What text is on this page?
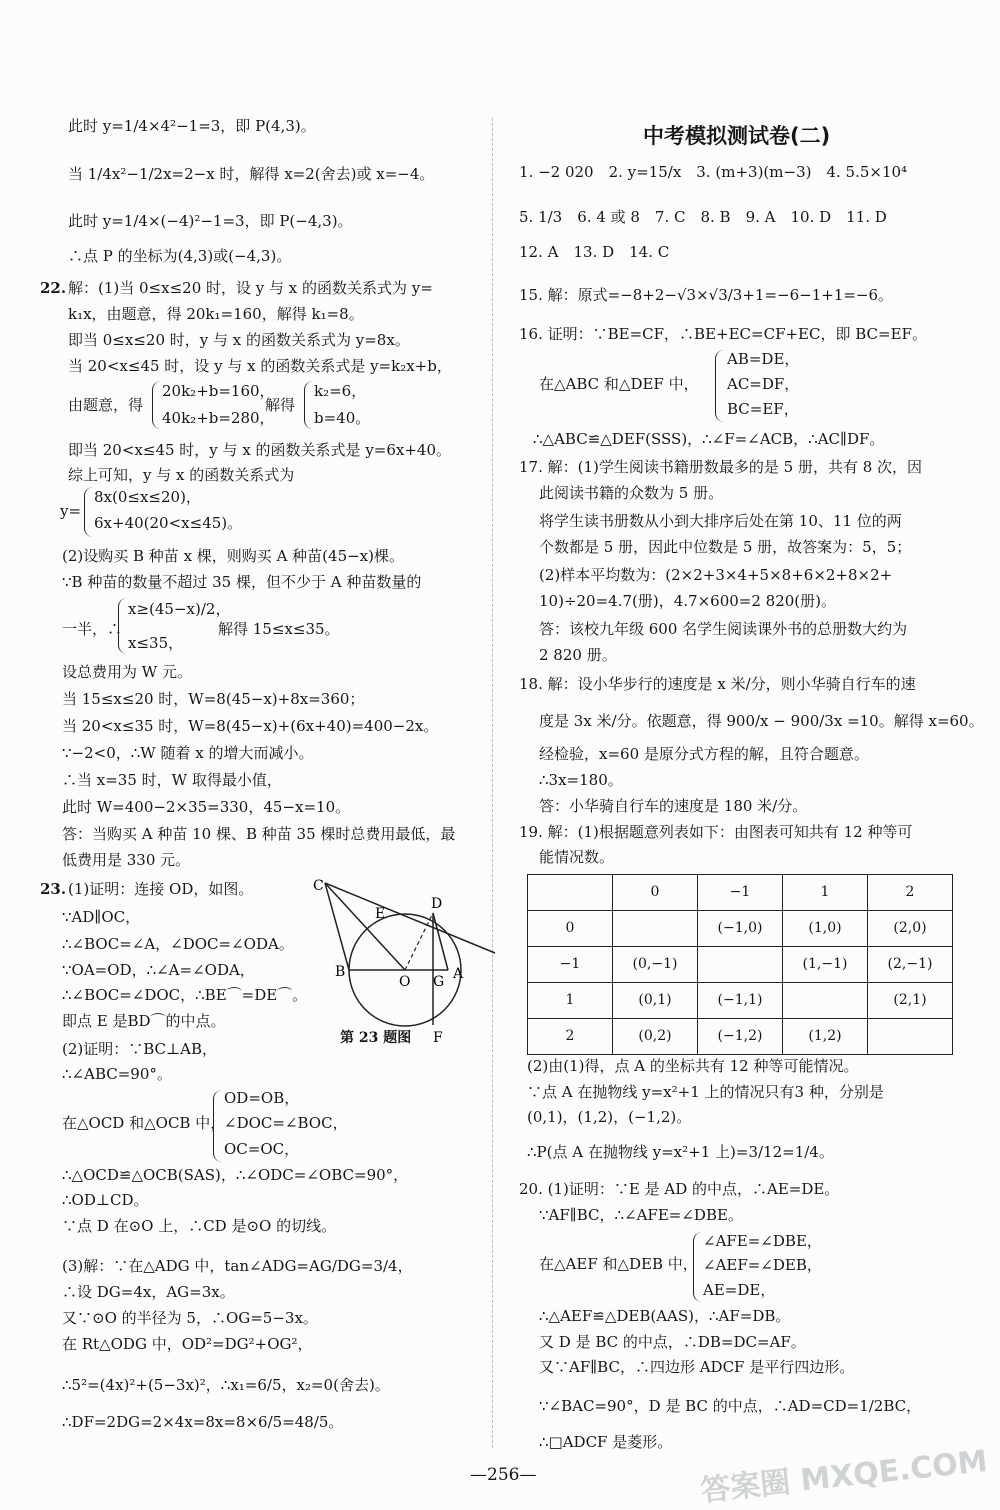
此时 y=1/4×4²−1=3，即 P(4,3)。
当 1/4x²−1/2x=2−x 时，解得 x=2(舍去)或 x=−4。
此时 y=1/4×(−4)²−1=3，即 P(−4,3)。
∴点 P 的坐标为(4,3)或(−4,3)。
22. 解：(1)当 0≤x≤20 时，设 y 与 x 的函数关系式为 y=
k₁x，由题意，得 20k₁=160，解得 k₁=8。
即当 0≤x≤20 时，y 与 x 的函数关系式为 y=8x。
当 20<x≤45 时，设 y 与 x 的函数关系式是 y=k₂x+b，
由题意，得
20k₂+b=160，
40k₂+b=280，
解得
k₂=6，
b=40。
即当 20<x≤45 时，y 与 x 的函数关系式是 y=6x+40。
综上可知，y 与 x 的函数关系式为
y=
8x(0≤x≤20)，
6x+40(20<x≤45)。
(2)设购买 B 种苗 x 棵，则购买 A 种苗(45−x)棵。
∵B 种苗的数量不超过 35 棵，但不少于 A 种苗数量的
一半，∴
x≥(45−x)/2，
x≤35，
解得 15≤x≤35。
设总费用为 W 元。
当 15≤x≤20 时，W=8(45−x)+8x=360；
当 20<x≤35 时，W=8(45−x)+(6x+40)=400−2x。
∵−2<0，∴W 随着 x 的增大而减小。
∴当 x=35 时，W 取得最小值，
此时 W=400−2×35=330，45−x=10。
答：当购买 A 种苗 10 棵、B 种苗 35 棵时总费用最低，最
低费用是 330 元。
23. (1)证明：连接 OD，如图。
∵AD∥OC，
∴∠BOC=∠A，∠DOC=∠ODA。
∵OA=OD，∴∠A=∠ODA，
∴∠BOC=∠DOC，∴BE⌒=DE⌒。
即点 E 是BD⌒的中点。
(2)证明：∵BC⊥AB，
∴∠ABC=90°。
在△OCD 和△OCB 中，
OD=OB，
∠DOC=∠BOC，
OC=OC，
∴△OCD≌△OCB(SAS)，∴∠ODC=∠OBC=90°，
∴OD⊥CD。
∵点 D 在⊙O 上，∴CD 是⊙O 的切线。
(3)解：∵在△ADG 中，tan∠ADG=AG/DG=3/4，
∴设 DG=4x，AG=3x。
又∵⊙O 的半径为 5，∴OG=5−3x。
在 Rt△ODG 中，OD²=DG²+OG²，
∴5²=(4x)²+(5−3x)²，∴x₁=6/5，x₂=0(舍去)。
∴DF=2DG=2×4x=8x=8×6/5=48/5。
C
E
D
B
O G A
F
第 23 题图
中考模拟测试卷(二)
1. −2 020　2. y=15/x　3. (m+3)(m−3)　4. 5.5×10⁴
5. 1/3　6. 4 或 8　7. C　8. B　9. A　10. D　11. D
12. A　13. D　14. C
15. 解：原式=−8+2−√3×√3/3+1=−6−1+1=−6。
16. 证明：∵BE=CF，∴BE+EC=CF+EC，即 BC=EF。
在△ABC 和△DEF 中，
AB=DE，
AC=DF，
BC=EF，
∴△ABC≌△DEF(SSS)，∴∠F=∠ACB，∴AC∥DF。
17. 解：(1)学生阅读书籍册数最多的是 5 册，共有 8 次，因
此阅读书籍的众数为 5 册。
将学生读书册数从小到大排序后处在第 10、11 位的两
个数都是 5 册，因此中位数是 5 册，故答案为：5，5；
(2)样本平均数为：(2×2+3×4+5×8+6×2+8×2+
10)÷20=4.7(册)，4.7×600=2 820(册)。
答：该校九年级 600 名学生阅读课外书的总册数大约为
2 820 册。
18. 解：设小华步行的速度是 x 米/分，则小华骑自行车的速
度是 3x 米/分。依题意，得 900/x − 900/3x =10。解得 x=60。
经检验，x=60 是原分式方程的解，且符合题意。
∴3x=180。
答：小华骑自行车的速度是 180 米/分。
19. 解：(1)根据题意列表如下：由图表可知共有 12 种等可
能情况数。
	0	−1	1	2
0		(−1,0)	(1,0)	(2,0)
−1	(0,−1)		(1,−1)	(2,−1)
1	(0,1)	(−1,1)		(2,1)
2	(0,2)	(−1,2)	(1,2)	
(2)由(1)得，点 A 的坐标共有 12 种等可能情况。
∵点 A 在抛物线 y=x²+1 上的情况只有3 种，分别是
(0,1)，(1,2)，(−1,2)。
∴P(点 A 在抛物线 y=x²+1 上)=3/12=1/4。
20. (1)证明：∵E 是 AD 的中点，∴AE=DE。
∵AF∥BC，∴∠AFE=∠DBE。
在△AEF 和△DEB 中，
∠AFE=∠DBE，
∠AEF=∠DEB，
AE=DE，
∴△AEF≌△DEB(AAS)，∴AF=DB。
又 D 是 BC 的中点，∴DB=DC=AF。
又∵AF∥BC，∴四边形 ADCF 是平行四边形。
∵∠BAC=90°，D 是 BC 的中点，∴AD=CD=1/2BC，
∴□ADCF 是菱形。
—256—	答案圈 MXQE.COM
